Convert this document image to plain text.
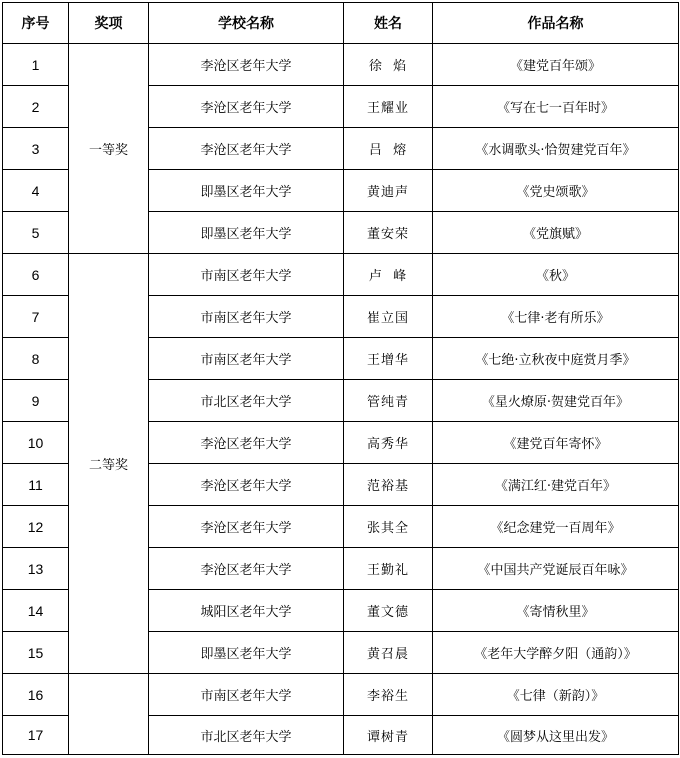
序号	奖项	学校名称	姓名	作品名称
1	一等奖	李沧区老年大学	徐  焰	《建党百年颂》
2		李沧区老年大学	王耀业	《写在七一百年时》
3		李沧区老年大学	吕  熔	《水调歌头·恰贺建党百年》
4		即墨区老年大学	黄迪声	《党史颂歌》
5		即墨区老年大学	董安荣	《党旗赋》
6	二等奖	市南区老年大学	卢  峰	《秋》
7		市南区老年大学	崔立国	《七律·老有所乐》
8		市南区老年大学	王增华	《七绝·立秋夜中庭赏月季》
9		市北区老年大学	管纯青	《星火燎原·贺建党百年》
10		李沧区老年大学	高秀华	《建党百年寄怀》
11		李沧区老年大学	范裕基	《满江红·建党百年》
12		李沧区老年大学	张其全	《纪念建党一百周年》
13		李沧区老年大学	王勤礼	《中国共产党诞辰百年咏》
14		城阳区老年大学	董文德	《寄情秋里》
15		即墨区老年大学	黄召晨	《老年大学醉夕阳（通韵）》
16		市南区老年大学	李裕生	《七律（新韵）》
17		市北区老年大学	谭树青	《圆梦从这里出发》
